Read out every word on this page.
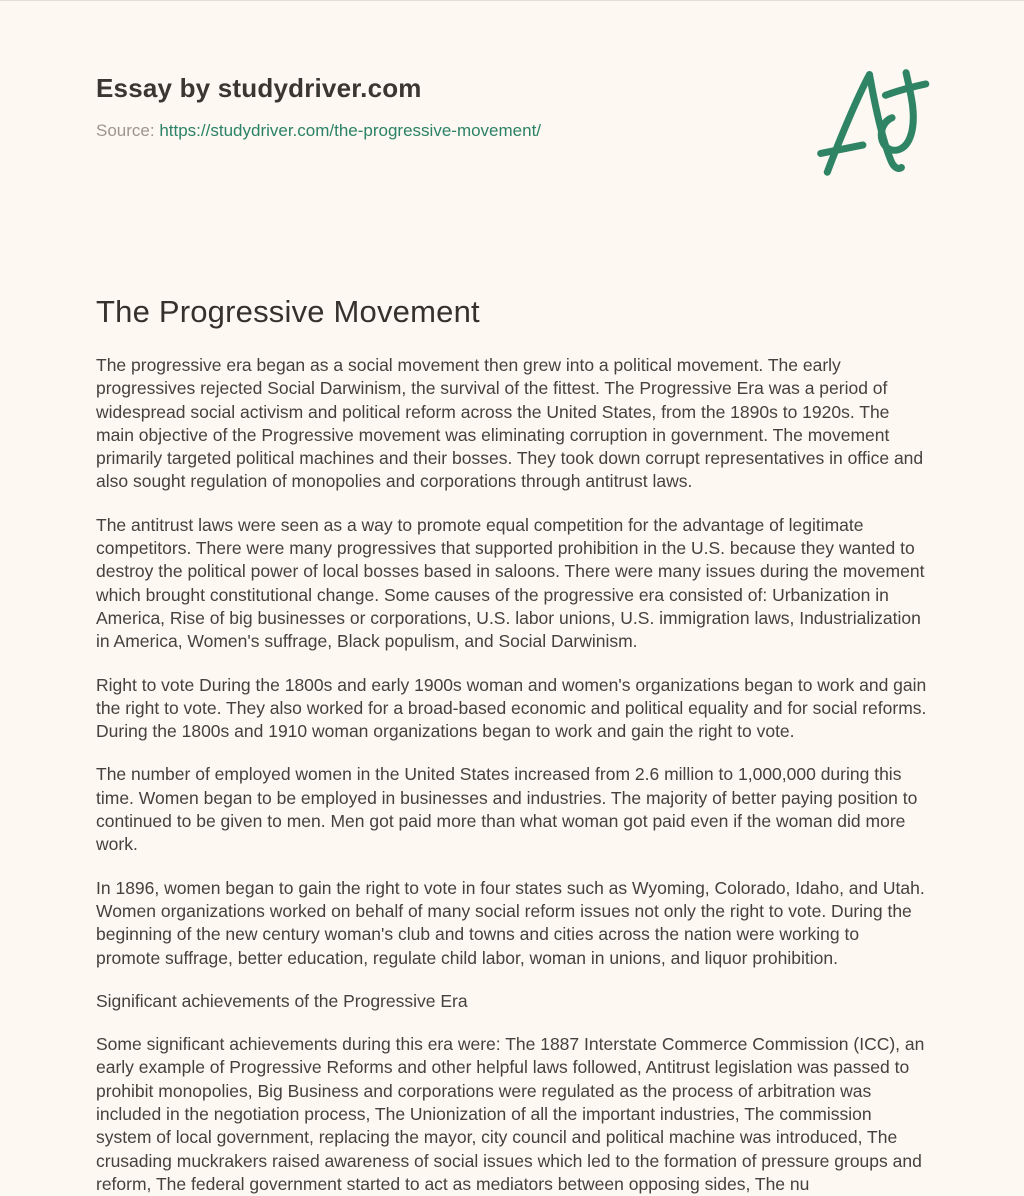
Essay by studydriver.com
Source: https://studydriver.com/the-progressive-movement/
The Progressive Movement

The progressive era began as a social movement then grew into a political movement. The early progressives rejected Social Darwinism, the survival of the fittest. The Progressive Era was a period of widespread social activism and political reform across the United States, from the 1890s to 1920s. The main objective of the Progressive movement was eliminating corruption in government. The movement primarily targeted political machines and their bosses. They took down corrupt representatives in office and also sought regulation of monopolies and corporations through antitrust laws.

The antitrust laws were seen as a way to promote equal competition for the advantage of legitimate competitors. There were many progressives that supported prohibition in the U.S. because they wanted to destroy the political power of local bosses based in saloons. There were many issues during the movement which brought constitutional change. Some causes of the progressive era consisted of: Urbanization in America, Rise of big businesses or corporations, U.S. labor unions, U.S. immigration laws, Industrialization in America, Women's suffrage, Black populism, and Social Darwinism.

Right to vote During the 1800s and early 1900s woman and women's organizations began to work and gain the right to vote. They also worked for a broad-based economic and political equality and for social reforms. During the 1800s and 1910 woman organizations began to work and gain the right to vote.

The number of employed women in the United States increased from 2.6 million to 1,000,000 during this time. Women began to be employed in businesses and industries. The majority of better paying position to continued to be given to men. Men got paid more than what woman got paid even if the woman did more work.

In 1896, women began to gain the right to vote in four states such as Wyoming, Colorado, Idaho, and Utah. Women organizations worked on behalf of many social reform issues not only the right to vote. During the beginning of the new century woman's club and towns and cities across the nation were working to promote suffrage, better education, regulate child labor, woman in unions, and liquor prohibition.

Significant achievements of the Progressive Era

Some significant achievements during this era were: The 1887 Interstate Commerce Commission (ICC), an early example of Progressive Reforms and other helpful laws followed, Antitrust legislation was passed to prohibit monopolies, Big Business and corporations were regulated as the process of arbitration was included in the negotiation process, The Unionization of all the important industries, The commission system of local government, replacing the mayor, city council and political machine was introduced, The crusading muckrakers raised awareness of social issues which led to the formation of pressure groups and reform, The federal government started to act as mediators between opposing sides, The nu
